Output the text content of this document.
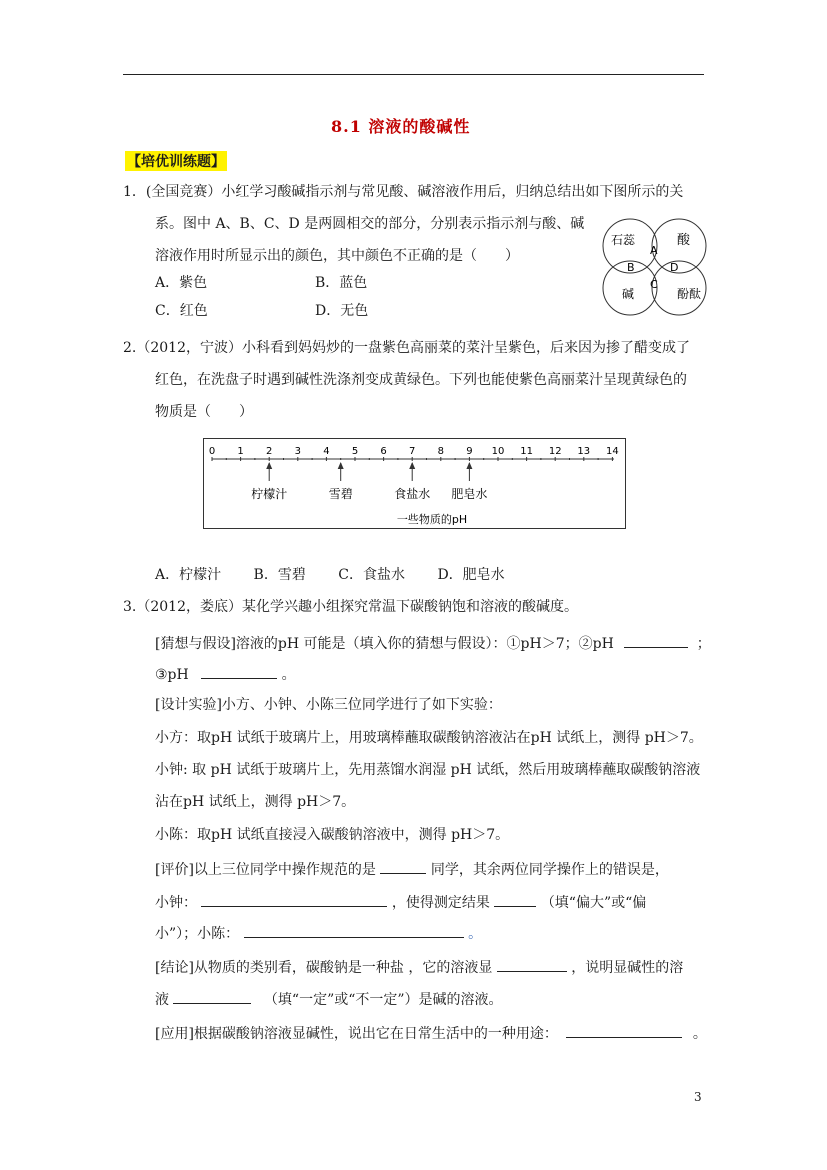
8.1 溶液的酸碱性
【培优训练题】
1．(全国竞赛）小红学习酸碱指示剂与常见酸、碱溶液作用后，归纳总结出如下图所示的关
系。图中 A、B、C、D 是两圆相交的部分，分别表示指示剂与酸、碱
溶液作用时所显示出的颜色，其中颜色不正确的是（　　）
A．紫色	B．蓝色
C．红色	D．无色
石蕊	酸
碱	酚酞
A
B
C
D
2.（2012，宁波）小科看到妈妈炒的一盘紫色高丽菜的菜汁呈紫色，后来因为掺了醋变成了
红色，在洗盘子时遇到碱性洗涤剂变成黄绿色。下列也能使紫色高丽菜汁呈现黄绿色的
物质是（　　）
0 1 2 3 4 5 6 7 8 9 10 11 12 13 14
柠檬汁	雪碧	食盐水 肥皂水
一些物质的pH
A．柠檬汁　　 B．雪碧　　 C．食盐水　　 D．肥皂水
3.（2012，娄底）某化学兴趣小组探究常温下碳酸钠饱和溶液的酸碱度。
[猜想与假设]溶液的pH 可能是（填入你的猜想与假设）：①pH＞7；②pH	；
③pH	。
[设计实验]小方、小钟、小陈三位同学进行了如下实验：
小方：取pH 试纸于玻璃片上，用玻璃棒蘸取碳酸钠溶液沾在pH 试纸上，测得 pH＞7。
小钟: 取 pH 试纸于玻璃片上，先用蒸馏水润湿 pH 试纸，然后用玻璃棒蘸取碳酸钠溶液
沾在pH 试纸上，测得 pH＞7。
小陈：取pH 试纸直接浸入碳酸钠溶液中，测得 pH＞7。
[评价]以上三位同学中操作规范的是	同学，其余两位同学操作上的错误是，
小钟：	，使得测定结果	（填“偏大”或“偏
小”）；小陈：	。
[结论]从物质的类别看，碳酸钠是一种盐 ，它的溶液显	，说明显碱性的溶
液	（填“一定”或“不一定”）是碱的溶液。
[应用]根据碳酸钠溶液显碱性，说出它在日常生活中的一种用途：	。
3
